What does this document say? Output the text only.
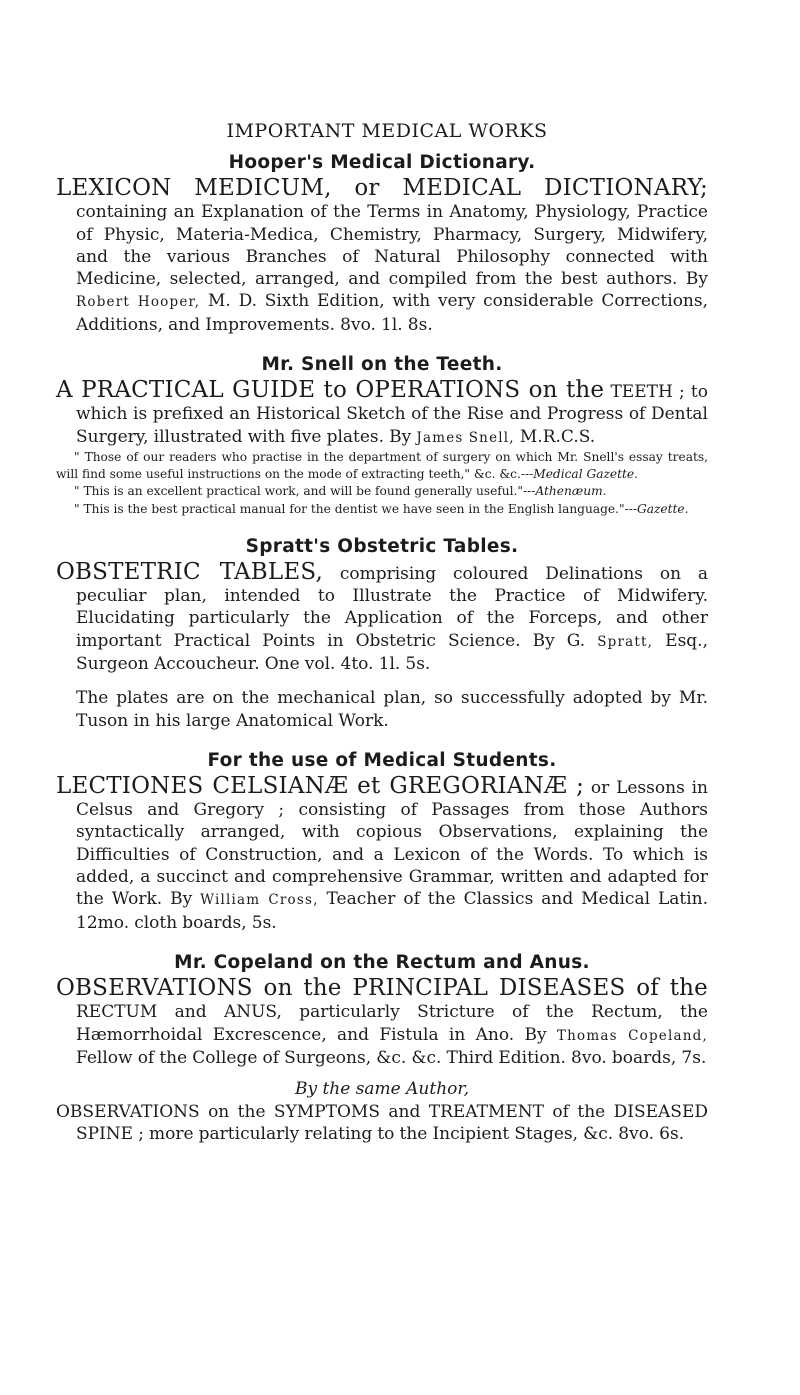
IMPORTANT MEDICAL WORKS
Hooper's Medical Dictionary.

LEXICON MEDICUM, or MEDICAL DICTIONARY; containing an Explanation of the Terms in Anatomy, Physiology, Practice of Physic, Materia-Medica, Chemistry, Pharmacy, Surgery, Midwifery, and the various Branches of Natural Philosophy connected with Medicine, selected, arranged, and compiled from the best authors. By Robert Hooper, M. D. Sixth Edition, with very considerable Corrections, Additions, and Improvements. 8vo. 1l. 8s.

Mr. Snell on the Teeth.

A PRACTICAL GUIDE to OPERATIONS on the TEETH ; to which is prefixed an Historical Sketch of the Rise and Progress of Dental Surgery, illustrated with five plates. By James Snell, M.R.C.S.

" Those of our readers who practise in the department of surgery on which Mr. Snell's essay treats, will find some useful instructions on the mode of extracting teeth," &c. &c.---Medical Gazette.

" This is an excellent practical work, and will be found generally useful."---Athenæum.

" This is the best practical manual for the dentist we have seen in the English language."---Gazette.

Spratt's Obstetric Tables.

OBSTETRIC TABLES, comprising coloured Delinations on a peculiar plan, intended to Illustrate the Practice of Midwifery. Elucidating particularly the Application of the Forceps, and other important Practical Points in Obstetric Science. By G. Spratt, Esq., Surgeon Accoucheur. One vol. 4to. 1l. 5s.

The plates are on the mechanical plan, so successfully adopted by Mr. Tuson in his large Anatomical Work.

For the use of Medical Students.

LECTIONES CELSIANÆ et GREGORIANÆ ; or Lessons in Celsus and Gregory ; consisting of Passages from those Authors syntactically arranged, with copious Observations, explaining the Difficulties of Construction, and a Lexicon of the Words. To which is added, a succinct and comprehensive Grammar, written and adapted for the Work. By William Cross, Teacher of the Classics and Medical Latin. 12mo. cloth boards, 5s.

Mr. Copeland on the Rectum and Anus.

OBSERVATIONS on the PRINCIPAL DISEASES of the RECTUM and ANUS, particularly Stricture of the Rectum, the Hæmorrhoidal Excrescence, and Fistula in Ano. By Thomas Copeland, Fellow of the College of Surgeons, &c. &c. Third Edition. 8vo. boards, 7s.

By the same Author,

OBSERVATIONS on the SYMPTOMS and TREATMENT of the DISEASED SPINE ; more particularly relating to the Incipient Stages, &c. 8vo. 6s.
